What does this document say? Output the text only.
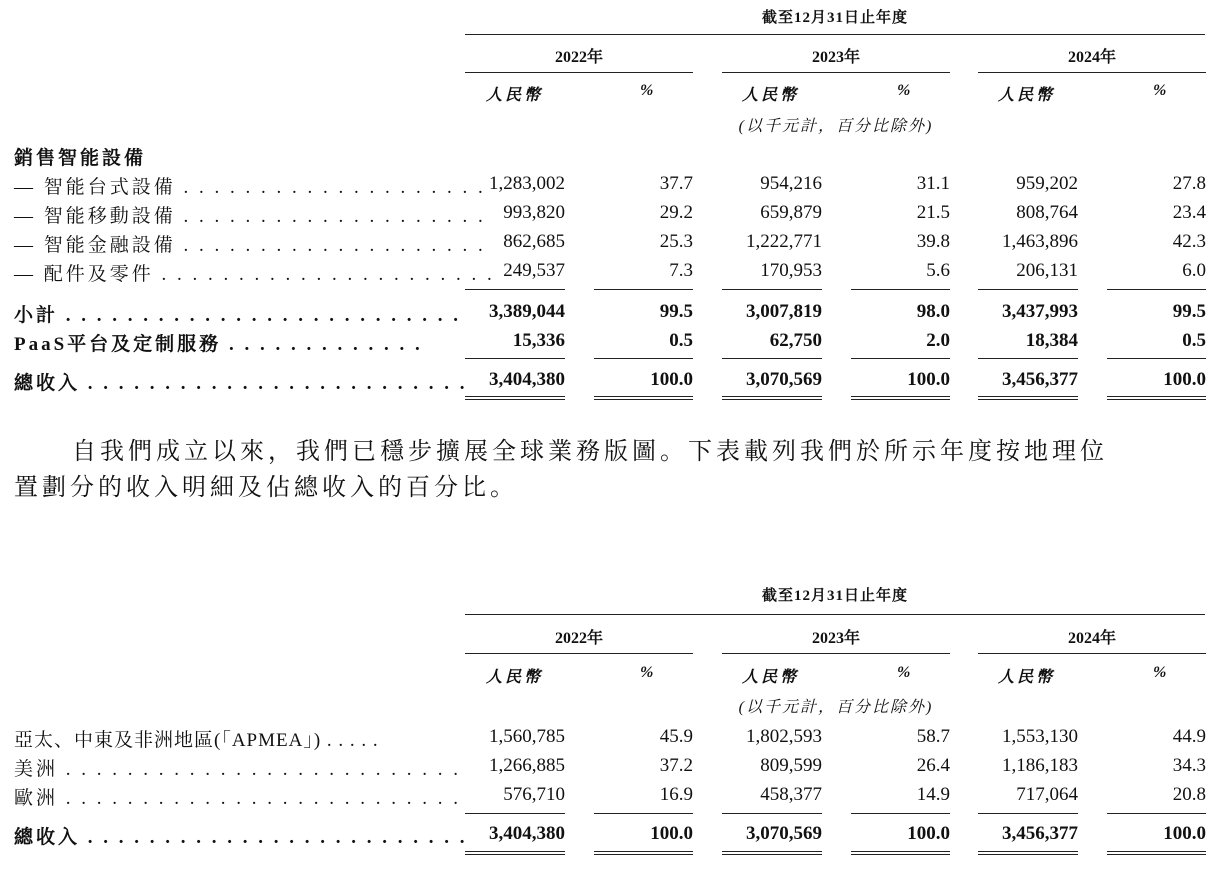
截至12月31日止年度
2022年	2023年	2024年
人民幣	%	人民幣	%	人民幣	%
(以千元計，百分比除外)
銷售智能設備
— 智能台式設備 . . . . . . . . . . . . . . . . . . . . 1,283,002	37.7	954,216	31.1	959,202	27.8
— 智能移動設備 . . . . . . . . . . . . . . . . . . . . 993,820	29.2	659,879	21.5	808,764	23.4
— 智能金融設備 . . . . . . . . . . . . . . . . . . . . 862,685	25.3	1,222,771	39.8	1,463,896	42.3
— 配件及零件 . . . . . . . . . . . . . . . . . . . . . . 249,537	7.3	170,953	5.6	206,131	6.0
小計 . . . . . . . . . . . . . . . . . . . . . . . . . .	3,389,044	99.5	3,007,819	98.0	3,437,993	99.5
PaaS平台及定制服務 . . . . . . . . . . . . .	15,336	0.5	62,750	2.0	18,384	0.5
總收入 . . . . . . . . . . . . . . . . . . . . . . . . .	3,404,380	100.0	3,070,569	100.0	3,456,377	100.0
自我們成立以來，我們已穩步擴展全球業務版圖。下表載列我們於所示年度按地理位
置劃分的收入明細及佔總收入的百分比。
截至12月31日止年度
2022年	2023年	2024年
人民幣	%	人民幣	%	人民幣	%
(以千元計，百分比除外)
亞太、中東及非洲地區(「APMEA」) . . . . .	1,560,785	45.9	1,802,593	58.7	1,553,130	44.9
美洲 . . . . . . . . . . . . . . . . . . . . . . . . . .	1,266,885	37.2	809,599	26.4	1,186,183	34.3
歐洲 . . . . . . . . . . . . . . . . . . . . . . . . . .	576,710	16.9	458,377	14.9	717,064	20.8
總收入 . . . . . . . . . . . . . . . . . . . . . . . . .	3,404,380	100.0	3,070,569	100.0	3,456,377	100.0
